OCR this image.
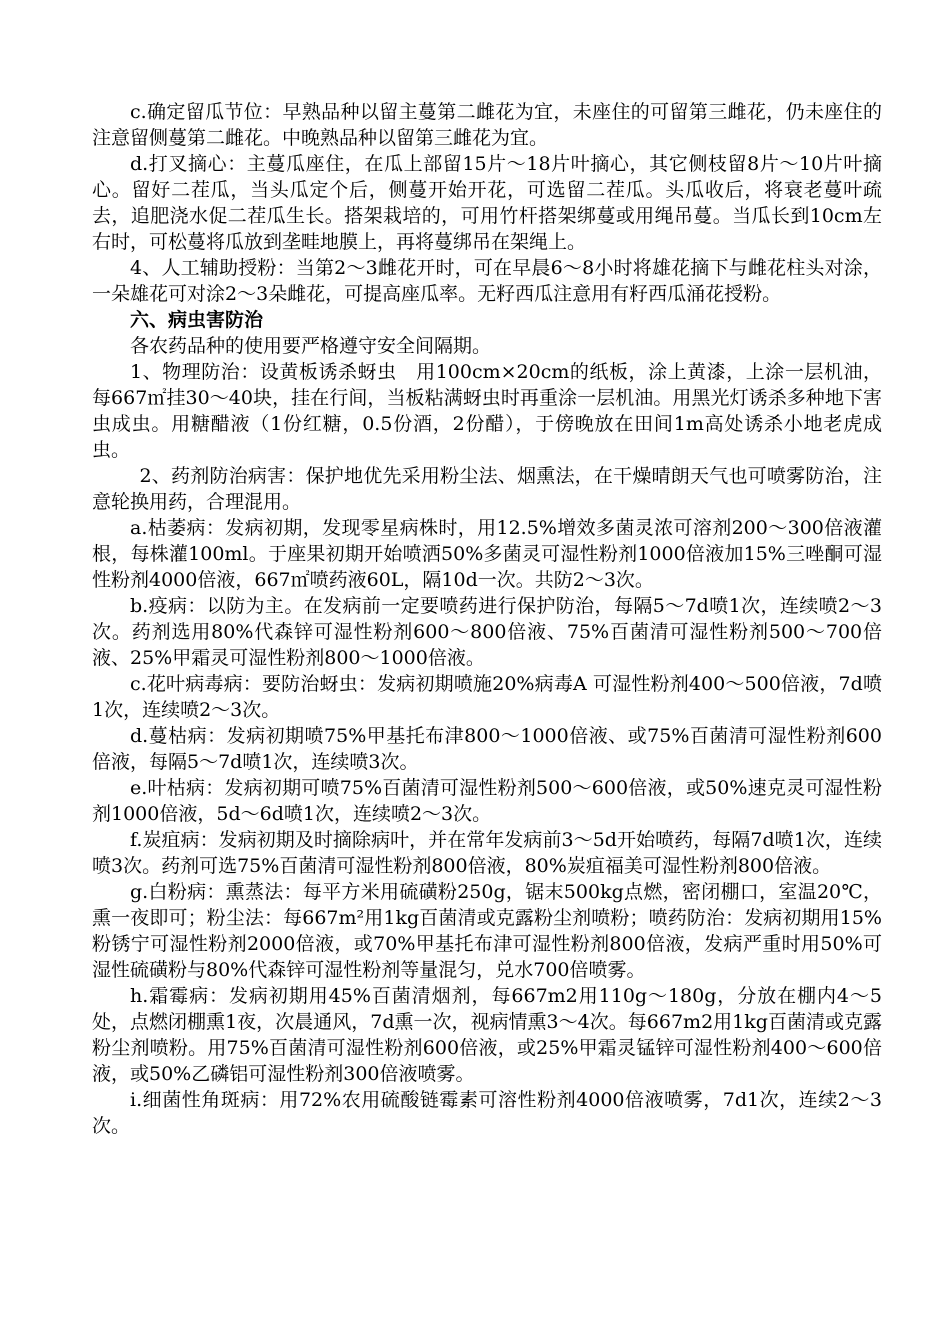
c.确定留瓜节位：早熟品种以留主蔓第二雌花为宜，未座住的可留第三雌花，仍未座住的注意留侧蔓第二雌花。中晚熟品种以留第三雌花为宜。

d.打叉摘心：主蔓瓜座住，在瓜上部留15片～18片叶摘心，其它侧枝留8片～10片叶摘心。留好二茬瓜，当头瓜定个后，侧蔓开始开花，可选留二茬瓜。头瓜收后，将衰老蔓叶疏去，追肥浇水促二茬瓜生长。搭架栽培的，可用竹杆搭架绑蔓或用绳吊蔓。当瓜长到10cm左右时，可松蔓将瓜放到垄畦地膜上，再将蔓绑吊在架绳上。

4、人工辅助授粉：当第2～3雌花开时，可在早晨6～8小时将雄花摘下与雌花柱头对涂，一朵雄花可对涂2～3朵雌花，可提高座瓜率。无籽西瓜注意用有籽西瓜涌花授粉。

六、病虫害防治

各农药品种的使用要严格遵守安全间隔期。

1、物理防治：设黄板诱杀蚜虫　用100cm×20cm的纸板，涂上黄漆，上涂一层机油，每667㎡挂30～40块，挂在行间，当板粘满蚜虫时再重涂一层机油。用黑光灯诱杀多种地下害虫成虫。用糖醋液（1份红糖，0.5份酒，2份醋），于傍晚放在田间1m高处诱杀小地老虎成虫。

2、药剂防治病害：保护地优先采用粉尘法、烟熏法，在干燥晴朗天气也可喷雾防治，注意轮换用药，合理混用。

a.枯萎病：发病初期，发现零星病株时，用12.5%增效多菌灵浓可溶剂200～300倍液灌根，每株灌100ml。于座果初期开始喷洒50%多菌灵可湿性粉剂1000倍液加15%三唑酮可湿性粉剂4000倍液，667㎡喷药液60L，隔10d一次。共防2～3次。

b.疫病：以防为主。在发病前一定要喷药进行保护防治，每隔5～7d喷1次，连续喷2～3次。药剂选用80%代森锌可湿性粉剂600～800倍液、75%百菌清可湿性粉剂500～700倍液、25%甲霜灵可湿性粉剂800～1000倍液。

c.花叶病毒病：要防治蚜虫：发病初期喷施20%病毒A 可湿性粉剂400～500倍液，7d喷1次，连续喷2～3次。

d.蔓枯病：发病初期喷75%甲基托布津800～1000倍液、或75%百菌清可湿性粉剂600倍液，每隔5～7d喷1次，连续喷3次。

e.叶枯病：发病初期可喷75%百菌清可湿性粉剂500～600倍液，或50%速克灵可湿性粉剂1000倍液，5d～6d喷1次，连续喷2～3次。

f.炭疽病：发病初期及时摘除病叶，并在常年发病前3～5d开始喷药，每隔7d喷1次，连续喷3次。药剂可选75%百菌清可湿性粉剂800倍液，80%炭疽福美可湿性粉剂800倍液。

g.白粉病：熏蒸法：每平方米用硫磺粉250g，锯末500kg点燃，密闭棚口，室温20℃，熏一夜即可；粉尘法：每667m²用1kg百菌清或克露粉尘剂喷粉；喷药防治：发病初期用15%粉锈宁可湿性粉剂2000倍液，或70%甲基托布津可湿性粉剂800倍液，发病严重时用50%可湿性硫磺粉与80%代森锌可湿性粉剂等量混匀，兑水700倍喷雾。

h.霜霉病：发病初期用45%百菌清烟剂，每667m2用110g～180g，分放在棚内4～5处，点燃闭棚熏1夜，次晨通风，7d熏一次，视病情熏3～4次。每667m2用1kg百菌清或克露粉尘剂喷粉。用75%百菌清可湿性粉剂600倍液，或25%甲霜灵锰锌可湿性粉剂400～600倍液，或50%乙磷铝可湿性粉剂300倍液喷雾。

i.细菌性角斑病：用72%农用硫酸链霉素可溶性粉剂4000倍液喷雾，7d1次，连续2～3次。
